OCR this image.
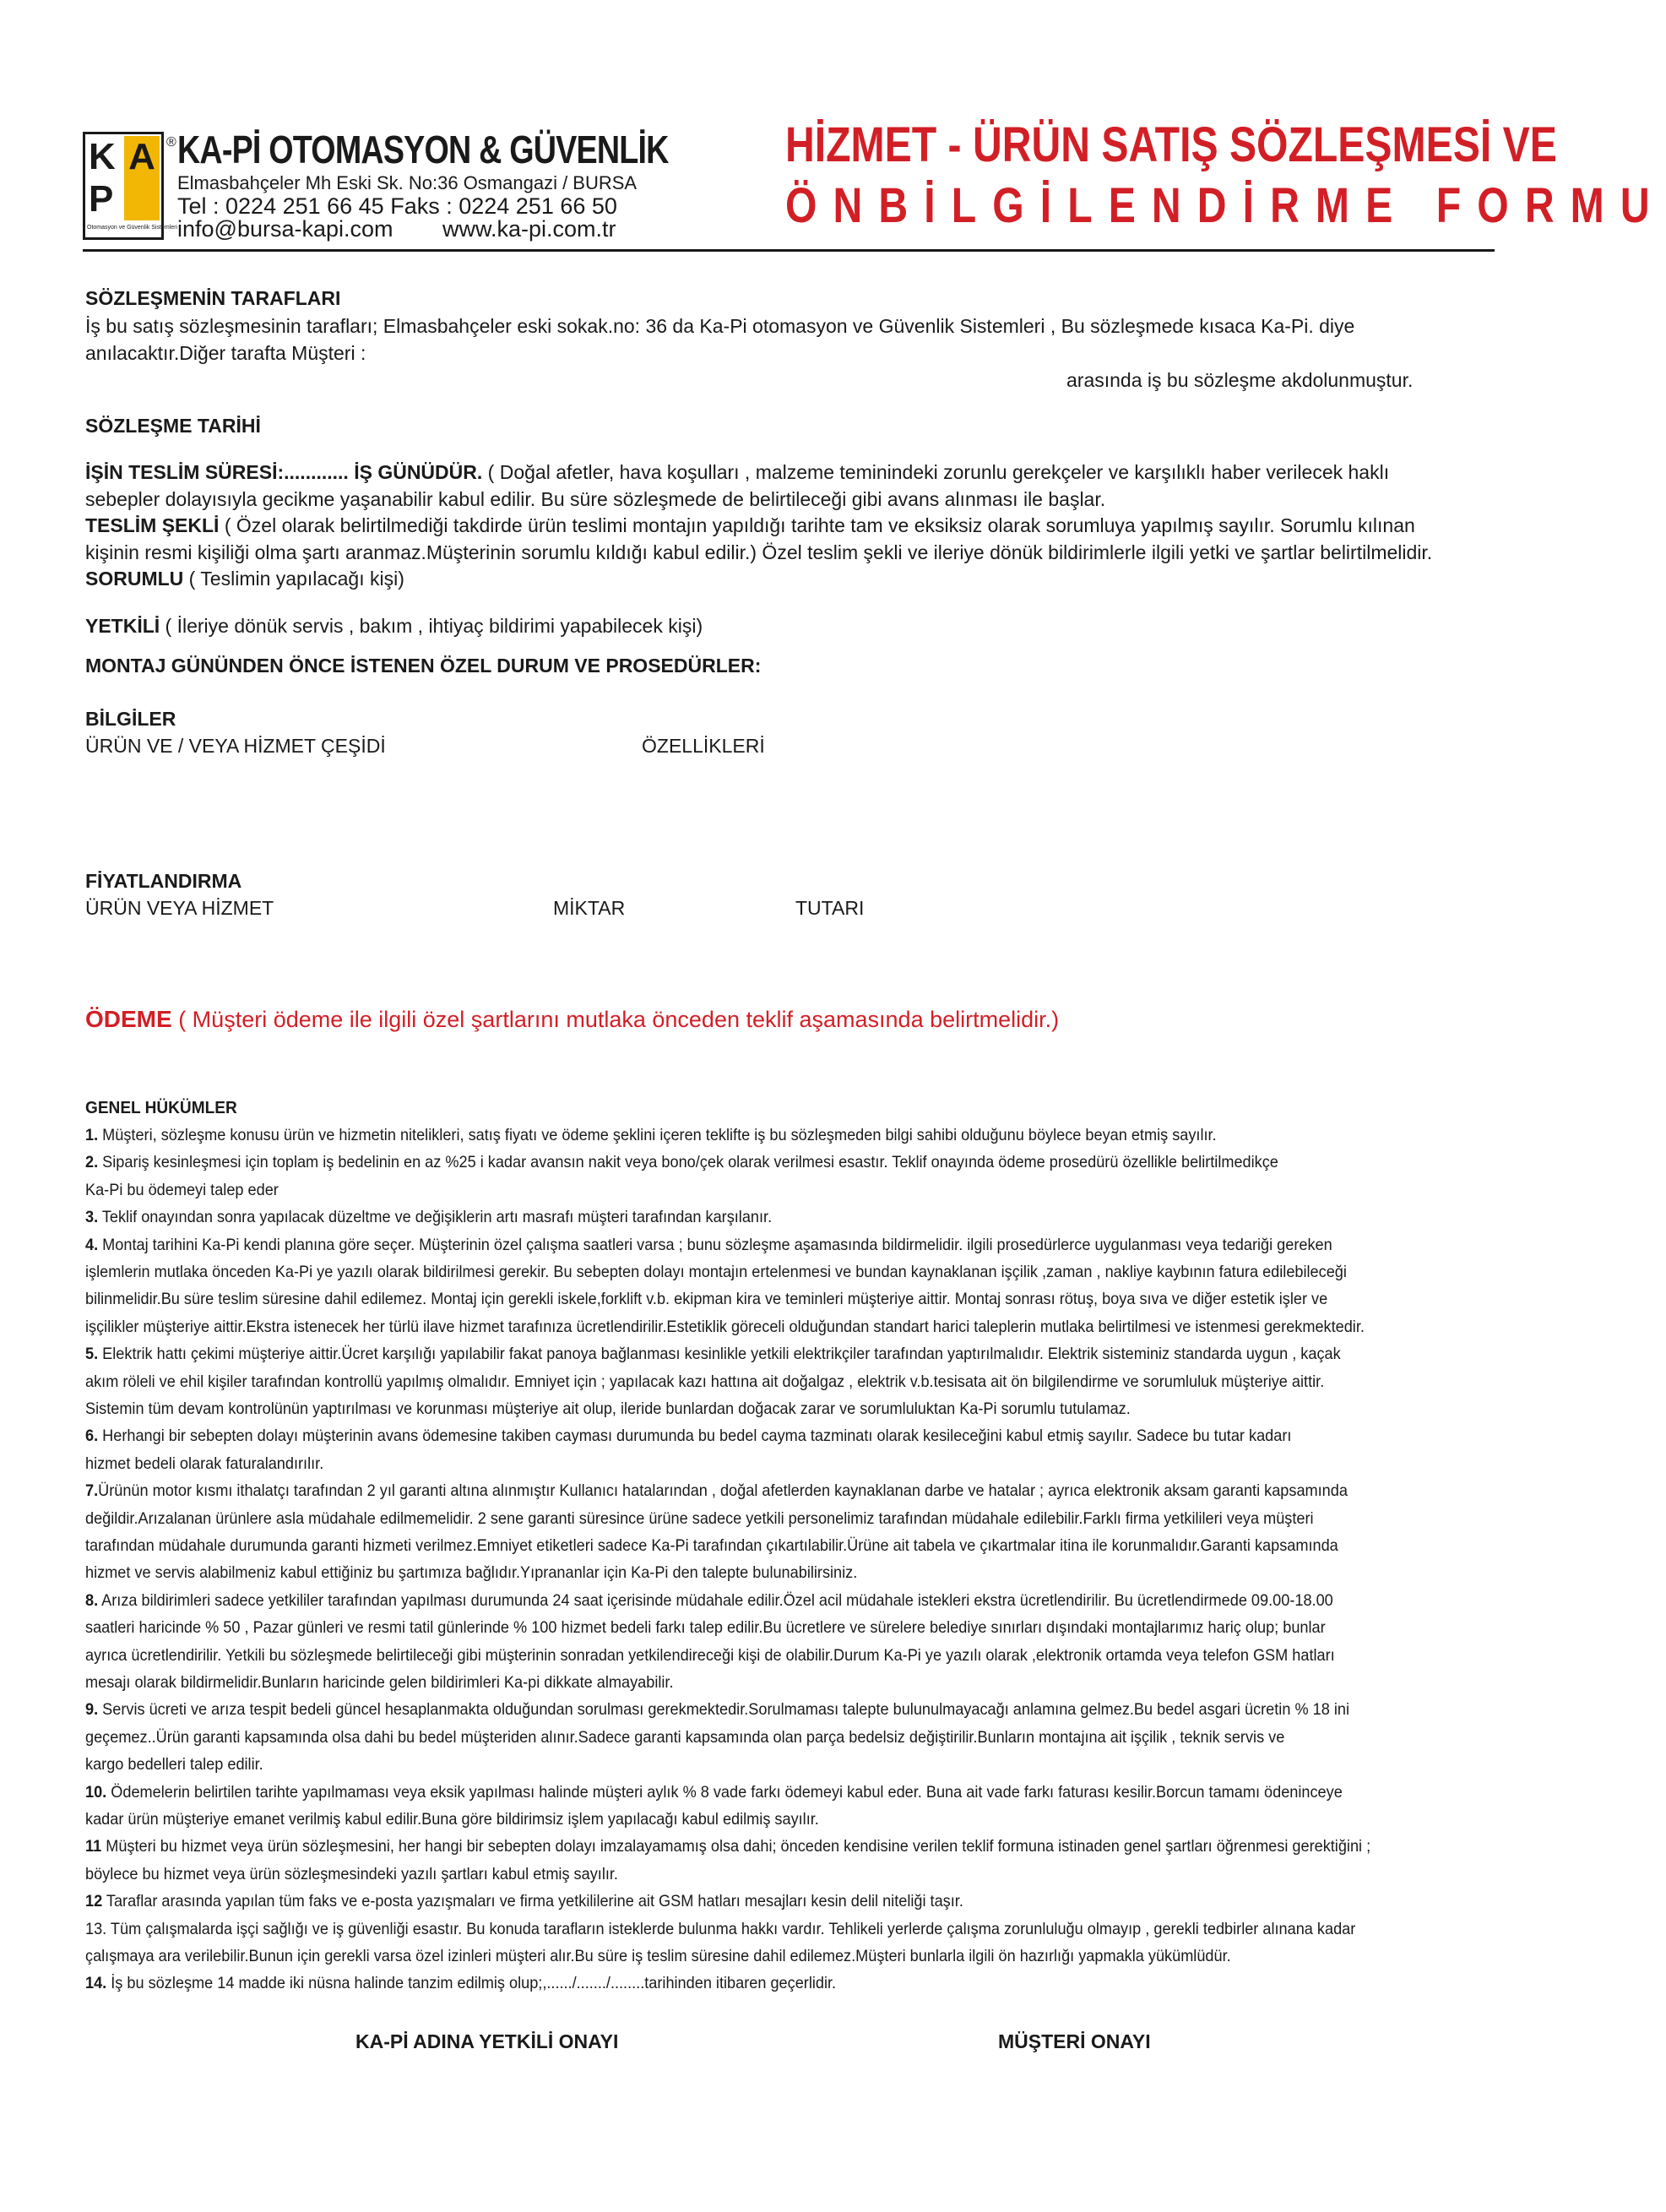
K A
P
Otomasyon ve Güvenlik Sistemleri
® KA-Pİ OTOMASYON & GÜVENLİK
Elmasbahçeler Mh Eski Sk. No:36 Osmangazi / BURSA
Tel : 0224 251 66 45 Faks : 0224 251 66 50
info@bursa-kapi.com www.ka-pi.com.tr
HİZMET - ÜRÜN SATIŞ SÖZLEŞMESİ VE
ÖNBİLGİLENDİRME FORMU
SÖZLEŞMENİN TARAFLARI
İş bu satış sözleşmesinin tarafları; Elmasbahçeler eski sokak.no: 36 da Ka-Pi otomasyon ve Güvenlik Sistemleri , Bu sözleşmede kısaca Ka-Pi. diye
anılacaktır.Diğer tarafta Müşteri :
arasında iş bu sözleşme akdolunmuştur.
SÖZLEŞME TARİHİ
İŞİN TESLİM SÜRESİ:............ İŞ GÜNÜDÜR. ( Doğal afetler, hava koşulları , malzeme teminindeki zorunlu gerekçeler ve karşılıklı haber verilecek haklı
sebepler dolayısıyla gecikme yaşanabilir kabul edilir. Bu süre sözleşmede de belirtileceği gibi avans alınması ile başlar.
TESLİM ŞEKLİ ( Özel olarak belirtilmediği takdirde ürün teslimi montajın yapıldığı tarihte tam ve eksiksiz olarak sorumluya yapılmış sayılır. Sorumlu kılınan
kişinin resmi kişiliği olma şartı aranmaz.Müşterinin sorumlu kıldığı kabul edilir.) Özel teslim şekli ve ileriye dönük bildirimlerle ilgili yetki ve şartlar belirtilmelidir.
SORUMLU ( Teslimin yapılacağı kişi)
YETKİLİ ( İleriye dönük servis , bakım , ihtiyaç bildirimi yapabilecek kişi)
MONTAJ GÜNÜNDEN ÖNCE İSTENEN ÖZEL DURUM VE PROSEDÜRLER:
BİLGİLER
ÜRÜN VE / VEYA HİZMET ÇEŞİDİ	ÖZELLİKLERİ
FİYATLANDIRMA
ÜRÜN VEYA HİZMET	MİKTAR	TUTARI
ÖDEME ( Müşteri ödeme ile ilgili özel şartlarını mutlaka önceden teklif aşamasında belirtmelidir.)
GENEL HÜKÜMLER
1. Müşteri, sözleşme konusu ürün ve hizmetin nitelikleri, satış fiyatı ve ödeme şeklini içeren teklifte iş bu sözleşmeden bilgi sahibi olduğunu böylece beyan etmiş sayılır.
2. Sipariş kesinleşmesi için toplam iş bedelinin en az %25 i kadar avansın nakit veya bono/çek olarak verilmesi esastır. Teklif onayında ödeme prosedürü özellikle belirtilmedikçe
Ka-Pi bu ödemeyi talep eder
3. Teklif onayından sonra yapılacak düzeltme ve değişiklerin artı masrafı müşteri tarafından karşılanır.
4. Montaj tarihini Ka-Pi kendi planına göre seçer. Müşterinin özel çalışma saatleri varsa ; bunu sözleşme aşamasında bildirmelidir. ilgili prosedürlerce uygulanması veya tedariği gereken
işlemlerin mutlaka önceden Ka-Pi ye yazılı olarak bildirilmesi gerekir. Bu sebepten dolayı montajın ertelenmesi ve bundan kaynaklanan işçilik ,zaman , nakliye kaybının fatura edilebileceği
bilinmelidir.Bu süre teslim süresine dahil edilemez. Montaj için gerekli iskele,forklift v.b. ekipman kira ve teminleri müşteriye aittir. Montaj sonrası rötuş, boya sıva ve diğer estetik işler ve
işçilikler müşteriye aittir.Ekstra istenecek her türlü ilave hizmet tarafınıza ücretlendirilir.Estetiklik göreceli olduğundan standart harici taleplerin mutlaka belirtilmesi ve istenmesi gerekmektedir.
5. Elektrik hattı çekimi müşteriye aittir.Ücret karşılığı yapılabilir fakat panoya bağlanması kesinlikle yetkili elektrikçiler tarafından yaptırılmalıdır. Elektrik sisteminiz standarda uygun , kaçak
akım röleli ve ehil kişiler tarafından kontrollü yapılmış olmalıdır. Emniyet için ; yapılacak kazı hattına ait doğalgaz , elektrik v.b.tesisata ait ön bilgilendirme ve sorumluluk müşteriye aittir.
Sistemin tüm devam kontrolünün yaptırılması ve korunması müşteriye ait olup, ileride bunlardan doğacak zarar ve sorumluluktan Ka-Pi sorumlu tutulamaz.
6. Herhangi bir sebepten dolayı müşterinin avans ödemesine takiben cayması durumunda bu bedel cayma tazminatı olarak kesileceğini kabul etmiş sayılır. Sadece bu tutar kadarı
hizmet bedeli olarak faturalandırılır.
7.Ürünün motor kısmı ithalatçı tarafından 2 yıl garanti altına alınmıştır Kullanıcı hatalarından , doğal afetlerden kaynaklanan darbe ve hatalar ; ayrıca elektronik aksam garanti kapsamında
değildir.Arızalanan ürünlere asla müdahale edilmemelidir. 2 sene garanti süresince ürüne sadece yetkili personelimiz tarafından müdahale edilebilir.Farklı firma yetkilileri veya müşteri
tarafından müdahale durumunda garanti hizmeti verilmez.Emniyet etiketleri sadece Ka-Pi tarafından çıkartılabilir.Ürüne ait tabela ve çıkartmalar itina ile korunmalıdır.Garanti kapsamında
hizmet ve servis alabilmeniz kabul ettiğiniz bu şartımıza bağlıdır.Yıprananlar için Ka-Pi den talepte bulunabilirsiniz.
8. Arıza bildirimleri sadece yetkililer tarafından yapılması durumunda 24 saat içerisinde müdahale edilir.Özel acil müdahale istekleri ekstra ücretlendirilir. Bu ücretlendirmede 09.00-18.00
saatleri haricinde % 50 , Pazar günleri ve resmi tatil günlerinde % 100 hizmet bedeli farkı talep edilir.Bu ücretlere ve sürelere belediye sınırları dışındaki montajlarımız hariç olup; bunlar
ayrıca ücretlendirilir. Yetkili bu sözleşmede belirtileceği gibi müşterinin sonradan yetkilendireceği kişi de olabilir.Durum Ka-Pi ye yazılı olarak ,elektronik ortamda veya telefon GSM hatları
mesajı olarak bildirmelidir.Bunların haricinde gelen bildirimleri Ka-pi dikkate almayabilir.
9. Servis ücreti ve arıza tespit bedeli güncel hesaplanmakta olduğundan sorulması gerekmektedir.Sorulmaması talepte bulunulmayacağı anlamına gelmez.Bu bedel asgari ücretin % 18 ini
geçemez..Ürün garanti kapsamında olsa dahi bu bedel müşteriden alınır.Sadece garanti kapsamında olan parça bedelsiz değiştirilir.Bunların montajına ait işçilik , teknik servis ve
kargo bedelleri talep edilir.
10. Ödemelerin belirtilen tarihte yapılmaması veya eksik yapılması halinde müşteri aylık % 8 vade farkı ödemeyi kabul eder. Buna ait vade farkı faturası kesilir.Borcun tamamı ödeninceye
kadar ürün müşteriye emanet verilmiş kabul edilir.Buna göre bildirimsiz işlem yapılacağı kabul edilmiş sayılır.
11 Müşteri bu hizmet veya ürün sözleşmesini, her hangi bir sebepten dolayı imzalayamamış olsa dahi; önceden kendisine verilen teklif formuna istinaden genel şartları öğrenmesi gerektiğini ;
böylece bu hizmet veya ürün sözleşmesindeki yazılı şartları kabul etmiş sayılır.
12 Taraflar arasında yapılan tüm faks ve e-posta yazışmaları ve firma yetkililerine ait GSM hatları mesajları kesin delil niteliği taşır.
13. Tüm çalışmalarda işçi sağlığı ve iş güvenliği esastır. Bu konuda tarafların isteklerde bulunma hakkı vardır. Tehlikeli yerlerde çalışma zorunluluğu olmayıp , gerekli tedbirler alınana kadar
çalışmaya ara verilebilir.Bunun için gerekli varsa özel izinleri müşteri alır.Bu süre iş teslim süresine dahil edilemez.Müşteri bunlarla ilgili ön hazırlığı yapmakla yükümlüdür.
14. İş bu sözleşme 14 madde iki nüsna halinde tanzim edilmiş olup;,....../......./........tarihinden itibaren geçerlidir.
KA-Pİ ADINA YETKİLİ ONAYI	MÜŞTERİ ONAYI
